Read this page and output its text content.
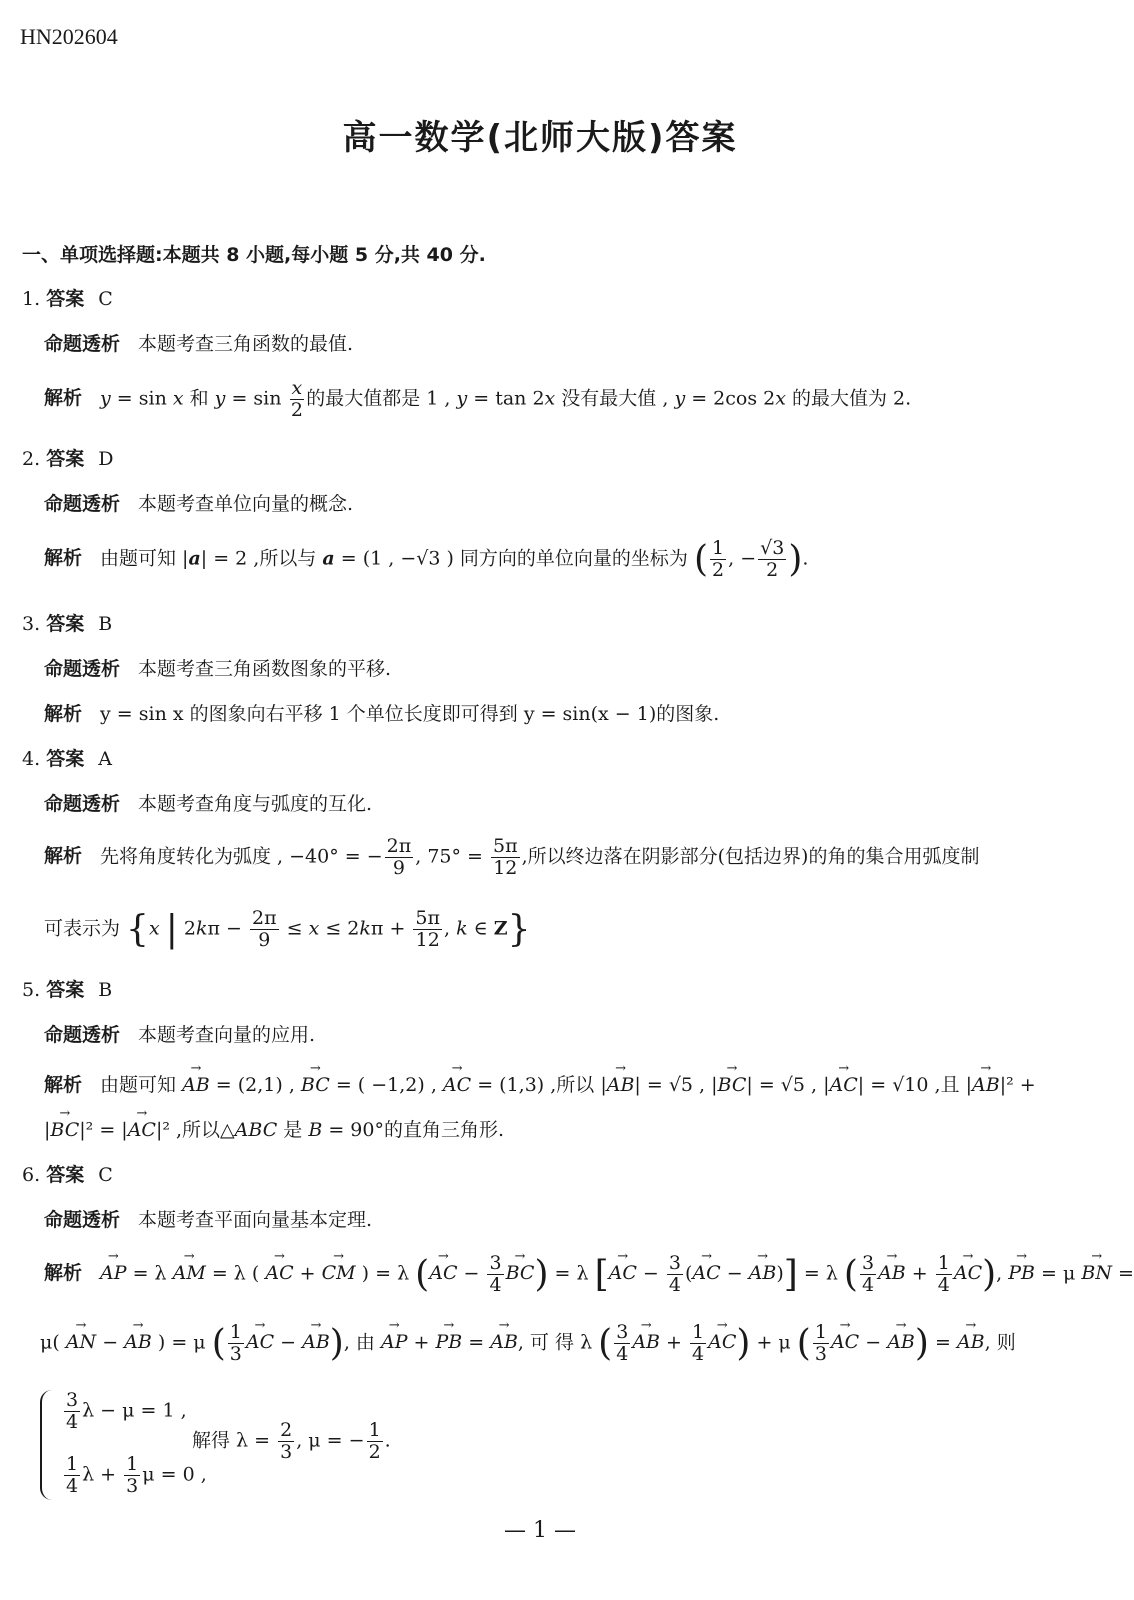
HN202604
高一数学(北师大版)答案
一、单项选择题:本题共 8 小题,每小题 5 分,共 40 分.
1. 答案 C
命题透析 本题考查三角函数的最值.
解析 y = sin x 和 $y = \sin \frac{x}{2}$ 的最大值都是 1 , y = tan 2x 没有最大值 , y = 2cos 2x 的最大值为 2.
2. 答案 D
命题透析 本题考查单位向量的概念.
解析 由题可知 |a| = 2 ,所以与 a = (1 , −√3 ) 同方向的单位向量的坐标为 ( $\frac{1}{2}$ , − $\frac{√3}{2}$ ).
3. 答案 B
命题透析 本题考查三角函数图象的平移.
解析 y = sin x 的图象向右平移 1 个单位长度即可得到 y = sin(x − 1)的图象.
4. 答案 A
命题透析 本题考查角度与弧度的互化.
解析 先将角度转化为弧度 , −40° = − $\frac{2\pi}{9}$ , $75^\circ = \frac{5\pi}{12}$ ,所以终边落在阴影部分(包括边界)的角的集合用弧度制
可表示为 {x | $2k\pi - \frac{2\pi}{9} \le x \le 2k\pi + \frac{5\pi}{12}$ , k ∈ Z}
5. 答案 B
命题透析 本题考查向量的应用.
解析 由题可知 → AB = (2,1) , → BC = ( −1,2) , → AC = (1,3) ,所以 |→ AB| = √5 , |→ BC| = √5 , |→ AC| = √10 ,且 |→ AB|² +
|→ BC|² = |→ AC|² ,所以△ABC 是 B = 90°的直角三角形.
6. 答案 C
命题透析 本题考查平面向量基本定理.
解析→ AP = λ → AM = λ ( → AC + → CM ) = λ (→ AC − $\frac{3}{4}$
→ BC) = λ [→ AC − $\frac{3}{4}$ (→ AC − → AB)] = λ ( $\frac{3}{4}$
→ AB + $\frac{1}{4}$
→ AC), → PB = μ → BN =
μ( → AN − → AB ) = μ ( $\frac{1}{3}$
→ AC − → AB), 由 → AP + → PB = → AB, 可 得 λ ( $\frac{3}{4}$
→ AB + $\frac{1}{4}$
→ AC) + μ ( $\frac{1}{3}$
→ AC − → AB) = → AB, 则
$\frac{3}{4}$ λ − μ = 1 ,
$\frac{1}{4}$ $\lambda + \frac{1}{3}$ μ = 0 ,
解得 $\lambda = \frac{2}{3}$ , μ = − $\frac{1}{2}$ .
— 1 —
